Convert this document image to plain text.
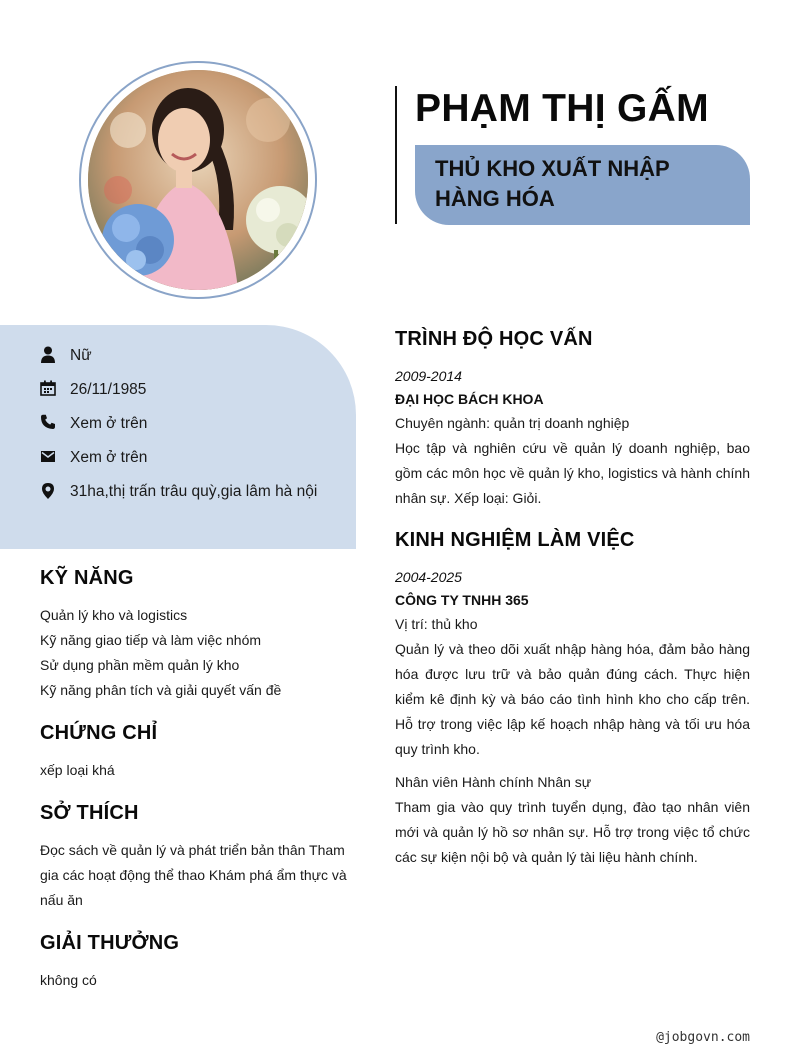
PHẠM THỊ GẤM
THỦ KHO XUẤT NHẬP HÀNG HÓA
Nữ
26/11/1985
Xem ở trên
Xem ở trên
31ha,thị trấn trâu quỳ,gia lâm hà nội
KỸ NĂNG
Quản lý kho và logistics
Kỹ năng giao tiếp và làm việc nhóm
Sử dụng phần mềm quản lý kho
Kỹ năng phân tích và giải quyết vấn đề
CHỨNG CHỈ
xếp loại khá
SỞ THÍCH
Đọc sách về quản lý và phát triển bản thân Tham gia các hoạt động thể thao Khám phá ẩm thực và nấu ăn
GIẢI THƯỞNG
không có
TRÌNH ĐỘ HỌC VẤN
2009-2014
ĐẠI HỌC BÁCH KHOA
Chuyên ngành: quản trị doanh nghiệp
Học tập và nghiên cứu về quản lý doanh nghiệp, bao gồm các môn học về quản lý kho, logistics và hành chính nhân sự. Xếp loại: Giỏi.
KINH NGHIỆM LÀM VIỆC
2004-2025
CÔNG TY TNHH 365
Vị trí: thủ kho
Quản lý và theo dõi xuất nhập hàng hóa, đảm bảo hàng hóa được lưu trữ và bảo quản đúng cách. Thực hiện kiểm kê định kỳ và báo cáo tình hình kho cho cấp trên. Hỗ trợ trong việc lập kế hoạch nhập hàng và tối ưu hóa quy trình kho.
Nhân viên Hành chính Nhân sự
Tham gia vào quy trình tuyển dụng, đào tạo nhân viên mới và quản lý hồ sơ nhân sự. Hỗ trợ trong việc tổ chức các sự kiện nội bộ và quản lý tài liệu hành chính.
@jobgovn.com
